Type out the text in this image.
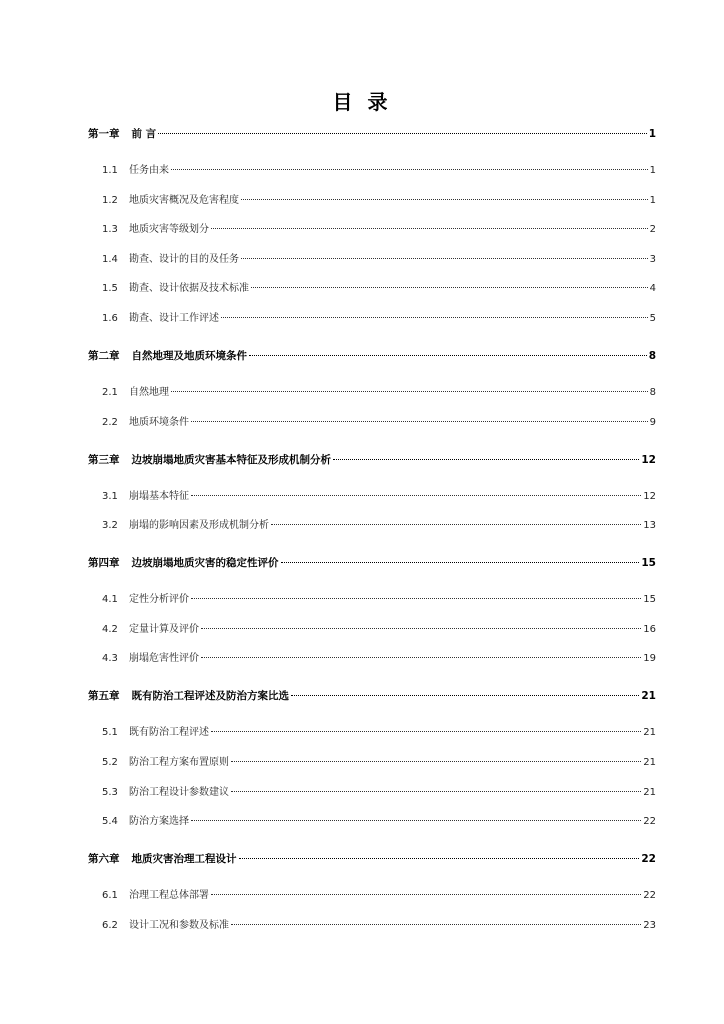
目 录
第一章 前 言	1
1.1 任务由来	1
1.2 地质灾害概况及危害程度	1
1.3 地质灾害等级划分	2
1.4 勘查、设计的目的及任务	3
1.5 勘查、设计依据及技术标准	4
1.6 勘查、设计工作评述	5
第二章 自然地理及地质环境条件	8
2.1 自然地理	8
2.2 地质环境条件	9
第三章 边坡崩塌地质灾害基本特征及形成机制分析	12
3.1 崩塌基本特征	12
3.2 崩塌的影响因素及形成机制分析	13
第四章 边坡崩塌地质灾害的稳定性评价	15
4.1 定性分析评价	15
4.2 定量计算及评价	16
4.3 崩塌危害性评价	19
第五章 既有防治工程评述及防治方案比选	21
5.1 既有防治工程评述	21
5.2 防治工程方案布置原则	21
5.3 防治工程设计参数建议	21
5.4 防治方案选择	22
第六章 地质灾害治理工程设计	22
6.1 治理工程总体部署	22
6.2 设计工况和参数及标准	23
